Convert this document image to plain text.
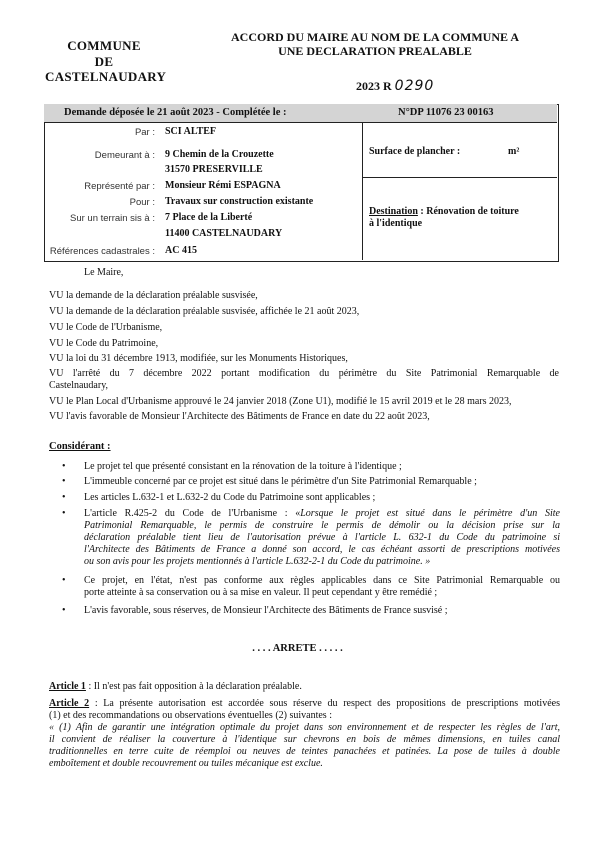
COMMUNE
DE
CASTELNAUDARY
ACCORD DU MAIRE AU NOM DE LA COMMUNE A
UNE DECLARATION PREALABLE
2023 R 0290
Demande déposée le 21 août 2023 - Complétée le :	N°DP 11076 23 00163
Par : SCI ALTEF
Demeurant à : 9 Chemin de la Crouzette
31570 PRESERVILLE
Représenté par : Monsieur Rémi ESPAGNA
Pour : Travaux sur construction existante
Sur un terrain sis à : 7 Place de la Liberté
11400 CASTELNAUDARY
Références cadastrales : AC 415
Surface de plancher :	m²
Destination : Rénovation de toiture
à l'identique
Le Maire,
VU la demande de la déclaration préalable susvisée,
VU la demande de la déclaration préalable susvisée, affichée le 21 août 2023,
VU le Code de l'Urbanisme,
VU le Code du Patrimoine,
VU la loi du 31 décembre 1913, modifiée, sur les Monuments Historiques,
VU l'arrêté du 7 décembre 2022 portant modification du périmètre du Site Patrimonial Remarquable de
Castelnaudary,
VU le Plan Local d'Urbanisme approuvé le 24 janvier 2018 (Zone U1), modifié le 15 avril 2019 et le 28 mars 2023,
VU l'avis favorable de Monsieur l'Architecte des Bâtiments de France en date du 22 août 2023,
Considérant :
• Le projet tel que présenté consistant en la rénovation de la toiture à l'identique ;
• L'immeuble concerné par ce projet est situé dans le périmètre d'un Site Patrimonial Remarquable ;
• Les articles L.632-1 et L.632-2 du Code du Patrimoine sont applicables ;
• L'article R.425-2 du Code de l'Urbanisme : «Lorsque le projet est situé dans le périmètre d'un Site
Patrimonial Remarquable, le permis de construire le permis de démolir ou la décision prise sur la
déclaration préalable tient lieu de l'autorisation prévue à l'article L. 632-1 du Code du patrimoine si
l'Architecte des Bâtiments de France a donné son accord, le cas échéant assorti de prescriptions motivées
ou son avis pour les projets mentionnés à l'article L.632-2-1 du Code du patrimoine. »
• Ce projet, en l'état, n'est pas conforme aux règles applicables dans ce Site Patrimonial Remarquable ou
porte atteinte à sa conservation ou à sa mise en valeur. Il peut cependant y être remédié ;
• L'avis favorable, sous réserves, de Monsieur l'Architecte des Bâtiments de France susvisé ;
. . . . ARRETE . . . . .
Article 1 : Il n'est pas fait opposition à la déclaration préalable.
Article 2 : La présente autorisation est accordée sous réserve du respect des propositions de prescriptions motivées
(1) et des recommandations ou observations éventuelles (2) suivantes :
« (1) Afin de garantir une intégration optimale du projet dans son environnement et de respecter les règles de l'art,
il convient de réaliser la couverture à l'identique sur chevrons en bois de mêmes dimensions, en tuiles canal
traditionnelles en terre cuite de réemploi ou neuves de teintes panachées et patinées. La pose de tuiles à double
emboîtement et double recouvrement ou tuiles mécanique est exclue.
